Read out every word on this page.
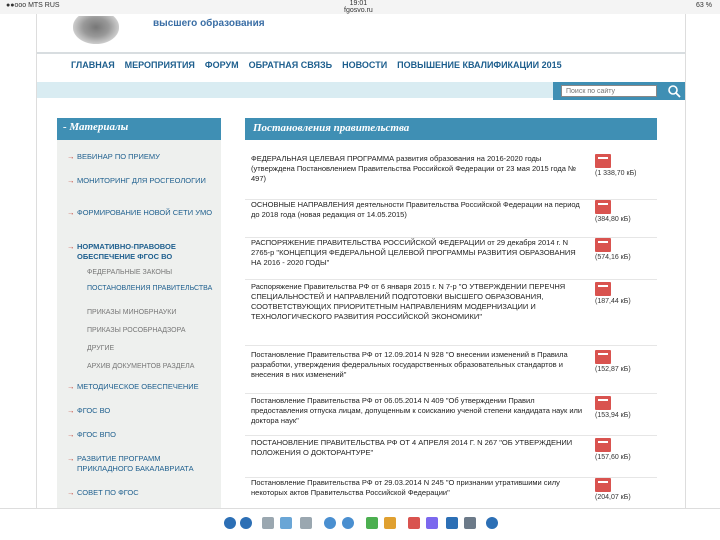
●●ooo MTS RUS	19:01
fgosvo.ru
63 %
высшего образования
ГЛАВНАЯ МЕРОПРИЯТИЯ ФОРУМ ОБРАТНАЯ СВЯЗЬ НОВОСТИ ПОВЫШЕНИЕ КВАЛИФИКАЦИИ 2015
Поиск по сайту
- Материалы
→ ВЕБИНАР ПО ПРИЕМУ
→ МОНИТОРИНГ ДЛЯ РОСГЕОЛОГИИ
→ ФОРМИРОВАНИЕ НОВОЙ СЕТИ УМО
→ НОРМАТИВНО-ПРАВОВОЕ ОБЕСПЕЧЕНИЕ ФГОС ВО
ФЕДЕРАЛЬНЫЕ ЗАКОНЫ
ПОСТАНОВЛЕНИЯ ПРАВИТЕЛЬСТВА
ПРИКАЗЫ МИНОБРНАУКИ
ПРИКАЗЫ РОСОБРНАДЗОРА
ДРУГИЕ
АРХИВ ДОКУМЕНТОВ РАЗДЕЛА
→ МЕТОДИЧЕСКОЕ ОБЕСПЕЧЕНИЕ
→ ФГОС ВО
→ ФГОС ВПО
→ РАЗВИТИЕ ПРОГРАММ ПРИКЛАДНОГО БАКАЛАВРИАТА
→ СОВЕТ ПО ФГОС
Постановления правительства
ФЕДЕРАЛЬНАЯ ЦЕЛЕВАЯ ПРОГРАММА развития образования на 2016-2020 годы (утверждена Постановлением Правительства Российской Федерации от 23 мая 2015 года № 497)
(1 338,70 кБ)
ОСНОВНЫЕ НАПРАВЛЕНИЯ деятельности Правительства Российской Федерации на период до 2018 года (новая редакция от 14.05.2015)
(384,80 кБ)
РАСПОРЯЖЕНИЕ ПРАВИТЕЛЬСТВА РОССИЙСКОЙ ФЕДЕРАЦИИ от 29 декабря 2014 г. N 2765-р "КОНЦЕПЦИЯ ФЕДЕРАЛЬНОЙ ЦЕЛЕВОЙ ПРОГРАММЫ РАЗВИТИЯ ОБРАЗОВАНИЯ НА 2016 - 2020 ГОДЫ"
(574,16 кБ)
Распоряжение Правительства РФ от 6 января 2015 г. N 7-р "О УТВЕРЖДЕНИИ ПЕРЕЧНЯ СПЕЦИАЛЬНОСТЕЙ И НАПРАВЛЕНИЙ ПОДГОТОВКИ ВЫСШЕГО ОБРАЗОВАНИЯ, СООТВЕТСТВУЮЩИХ ПРИОРИТЕТНЫМ НАПРАВЛЕНИЯМ МОДЕРНИЗАЦИИ И ТЕХНОЛОГИЧЕСКОГО РАЗВИТИЯ РОССИЙСКОЙ ЭКОНОМИКИ"
(187,44 кБ)
Постановление Правительства РФ от 12.09.2014 N 928 "О внесении изменений в Правила разработки, утверждения федеральных государственных образовательных стандартов и внесения в них изменений"
(152,87 кБ)
Постановление Правительства РФ от 06.05.2014 N 409 "Об утверждении Правил предоставления отпуска лицам, допущенным к соисканию ученой степени кандидата наук или доктора наук"
(153,94 кБ)
ПОСТАНОВЛЕНИЕ ПРАВИТЕЛЬСТВА РФ ОТ 4 АПРЕЛЯ 2014 Г. N 267 "ОБ УТВЕРЖДЕНИИ ПОЛОЖЕНИЯ О ДОКТОРАНТУРЕ"
(157,60 кБ)
Постановление Правительства РФ от 29.03.2014 N 245 "О признании утратившими силу некоторых актов Правительства Российской Федерации"
(204,07 кБ)
